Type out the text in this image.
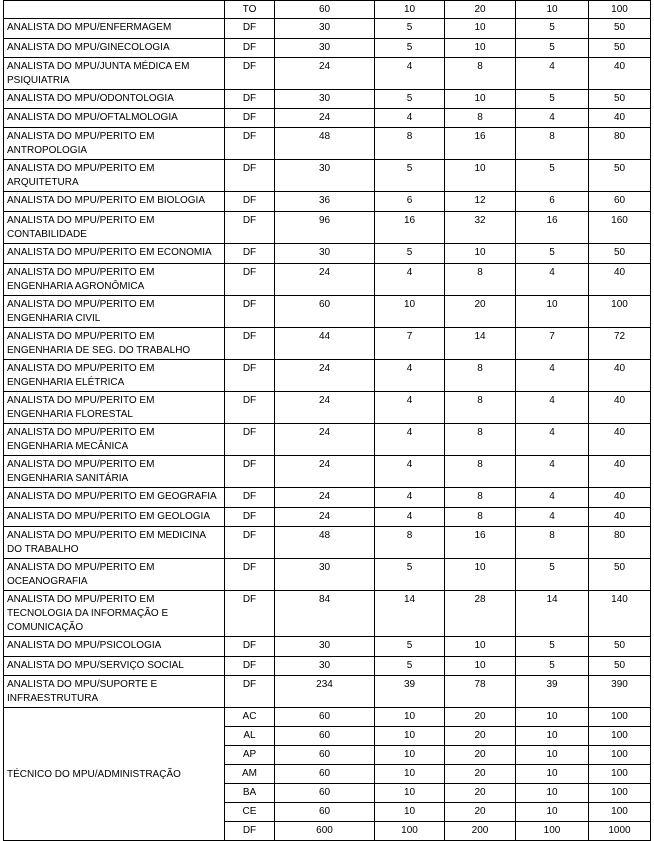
	TO	60	10	20	10	100
ANALISTA DO MPU/ENFERMAGEM	DF	30	5	10	5	50
ANALISTA DO MPU/GINECOLOGIA	DF	30	5	10	5	50
ANALISTA DO MPU/JUNTA MÉDICA EM PSIQUIATRIA	DF	24	4	8	4	40
ANALISTA DO MPU/ODONTOLOGIA	DF	30	5	10	5	50
ANALISTA DO MPU/OFTALMOLOGIA	DF	24	4	8	4	40
ANALISTA DO MPU/PERITO EM ANTROPOLOGIA	DF	48	8	16	8	80
ANALISTA DO MPU/PERITO EM ARQUITETURA	DF	30	5	10	5	50
ANALISTA DO MPU/PERITO EM BIOLOGIA	DF	36	6	12	6	60
ANALISTA DO MPU/PERITO EM CONTABILIDADE	DF	96	16	32	16	160
ANALISTA DO MPU/PERITO EM ECONOMIA	DF	30	5	10	5	50
ANALISTA DO MPU/PERITO EM ENGENHARIA AGRONÔMICA	DF	24	4	8	4	40
ANALISTA DO MPU/PERITO EM ENGENHARIA CIVIL	DF	60	10	20	10	100
ANALISTA DO MPU/PERITO EM ENGENHARIA DE SEG. DO TRABALHO	DF	44	7	14	7	72
ANALISTA DO MPU/PERITO EM ENGENHARIA ELÉTRICA	DF	24	4	8	4	40
ANALISTA DO MPU/PERITO EM ENGENHARIA FLORESTAL	DF	24	4	8	4	40
ANALISTA DO MPU/PERITO EM ENGENHARIA MECÂNICA	DF	24	4	8	4	40
ANALISTA DO MPU/PERITO EM ENGENHARIA SANITÁRIA	DF	24	4	8	4	40
ANALISTA DO MPU/PERITO EM GEOGRAFIA	DF	24	4	8	4	40
ANALISTA DO MPU/PERITO EM GEOLOGIA	DF	24	4	8	4	40
ANALISTA DO MPU/PERITO EM MEDICINA DO TRABALHO	DF	48	8	16	8	80
ANALISTA DO MPU/PERITO EM OCEANOGRAFIA	DF	30	5	10	5	50
ANALISTA DO MPU/PERITO EM TECNOLOGIA DA INFORMAÇÃO E COMUNICAÇÃO	DF	84	14	28	14	140
ANALISTA DO MPU/PSICOLOGIA	DF	30	5	10	5	50
ANALISTA DO MPU/SERVIÇO SOCIAL	DF	30	5	10	5	50
ANALISTA DO MPU/SUPORTE E INFRAESTRUTURA	DF	234	39	78	39	390
TÉCNICO DO MPU/ADMINISTRAÇÃO	AC	60	10	20	10	100
	AL	60	10	20	10	100
	AP	60	10	20	10	100
	AM	60	10	20	10	100
	BA	60	10	20	10	100
	CE	60	10	20	10	100
	DF	600	100	200	100	1000
